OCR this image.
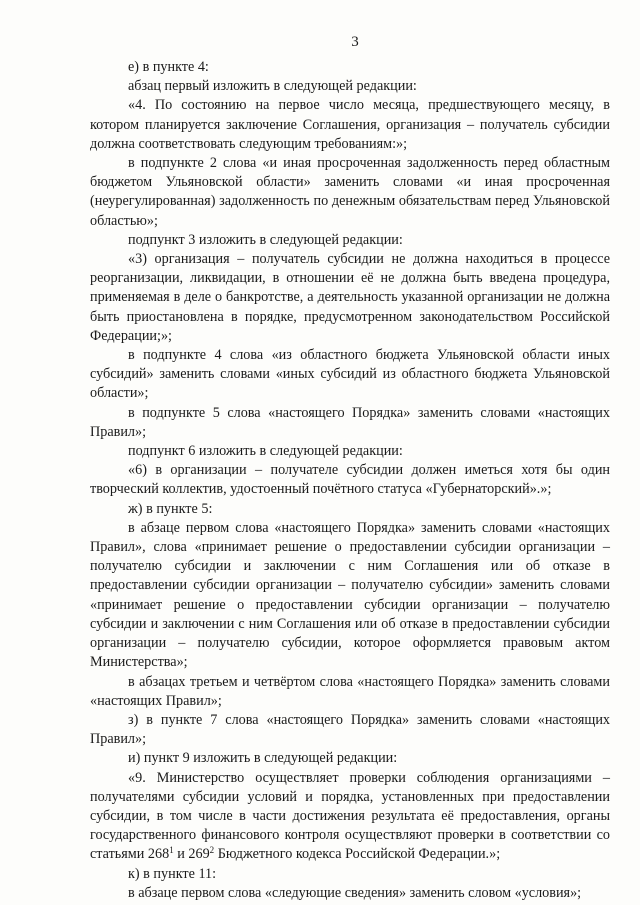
3

е) в пункте 4:

абзац первый изложить в следующей редакции:

«4. По состоянию на первое число месяца, предшествующего месяцу, в котором планируется заключение Соглашения, организация – получатель субсидии должна соответствовать следующим требованиям:»;

в подпункте 2 слова «и иная просроченная задолженность перед областным бюджетом Ульяновской области» заменить словами «и иная просроченная (неурегулированная) задолженность по денежным обязательствам перед Ульяновской областью»;

подпункт 3 изложить в следующей редакции:

«3) организация – получатель субсидии не должна находиться в процессе реорганизации, ликвидации, в отношении её не должна быть введена процедура, применяемая в деле о банкротстве, а деятельность указанной организации не должна быть приостановлена в порядке, предусмотренном законодательством Российской Федерации;»;

в подпункте 4 слова «из областного бюджета Ульяновской области иных субсидий» заменить словами «иных субсидий из областного бюджета Ульяновской области»;

в подпункте 5 слова «настоящего Порядка» заменить словами «настоящих Правил»;

подпункт 6 изложить в следующей редакции:

«6) в организации – получателе субсидии должен иметься хотя бы один творческий коллектив, удостоенный почётного статуса «Губернаторский».»;

ж) в пункте 5:

в абзаце первом слова «настоящего Порядка» заменить словами «настоящих Правил», слова «принимает решение о предоставлении субсидии организации – получателю субсидии и заключении с ним Соглашения или об отказе в предоставлении субсидии организации – получателю субсидии» заменить словами «принимает решение о предоставлении субсидии организации – получателю субсидии и заключении с ним Соглашения или об отказе в предоставлении субсидии организации – получателю субсидии, которое оформляется правовым актом Министерства»;

в абзацах третьем и четвёртом слова «настоящего Порядка» заменить словами «настоящих Правил»;

з) в пункте 7 слова «настоящего Порядка» заменить словами «настоящих Правил»;

и) пункт 9 изложить в следующей редакции:

«9. Министерство осуществляет проверки соблюдения организациями – получателями субсидии условий и порядка, установленных при предоставлении субсидии, в том числе в части достижения результата её предоставления, органы государственного финансового контроля осуществляют проверки в соответствии со статьями $268^1$ и $269^2$ Бюджетного кодекса Российской Федерации.»;

к) в пункте 11:

в абзаце первом слова «следующие сведения» заменить словом «условия»;
